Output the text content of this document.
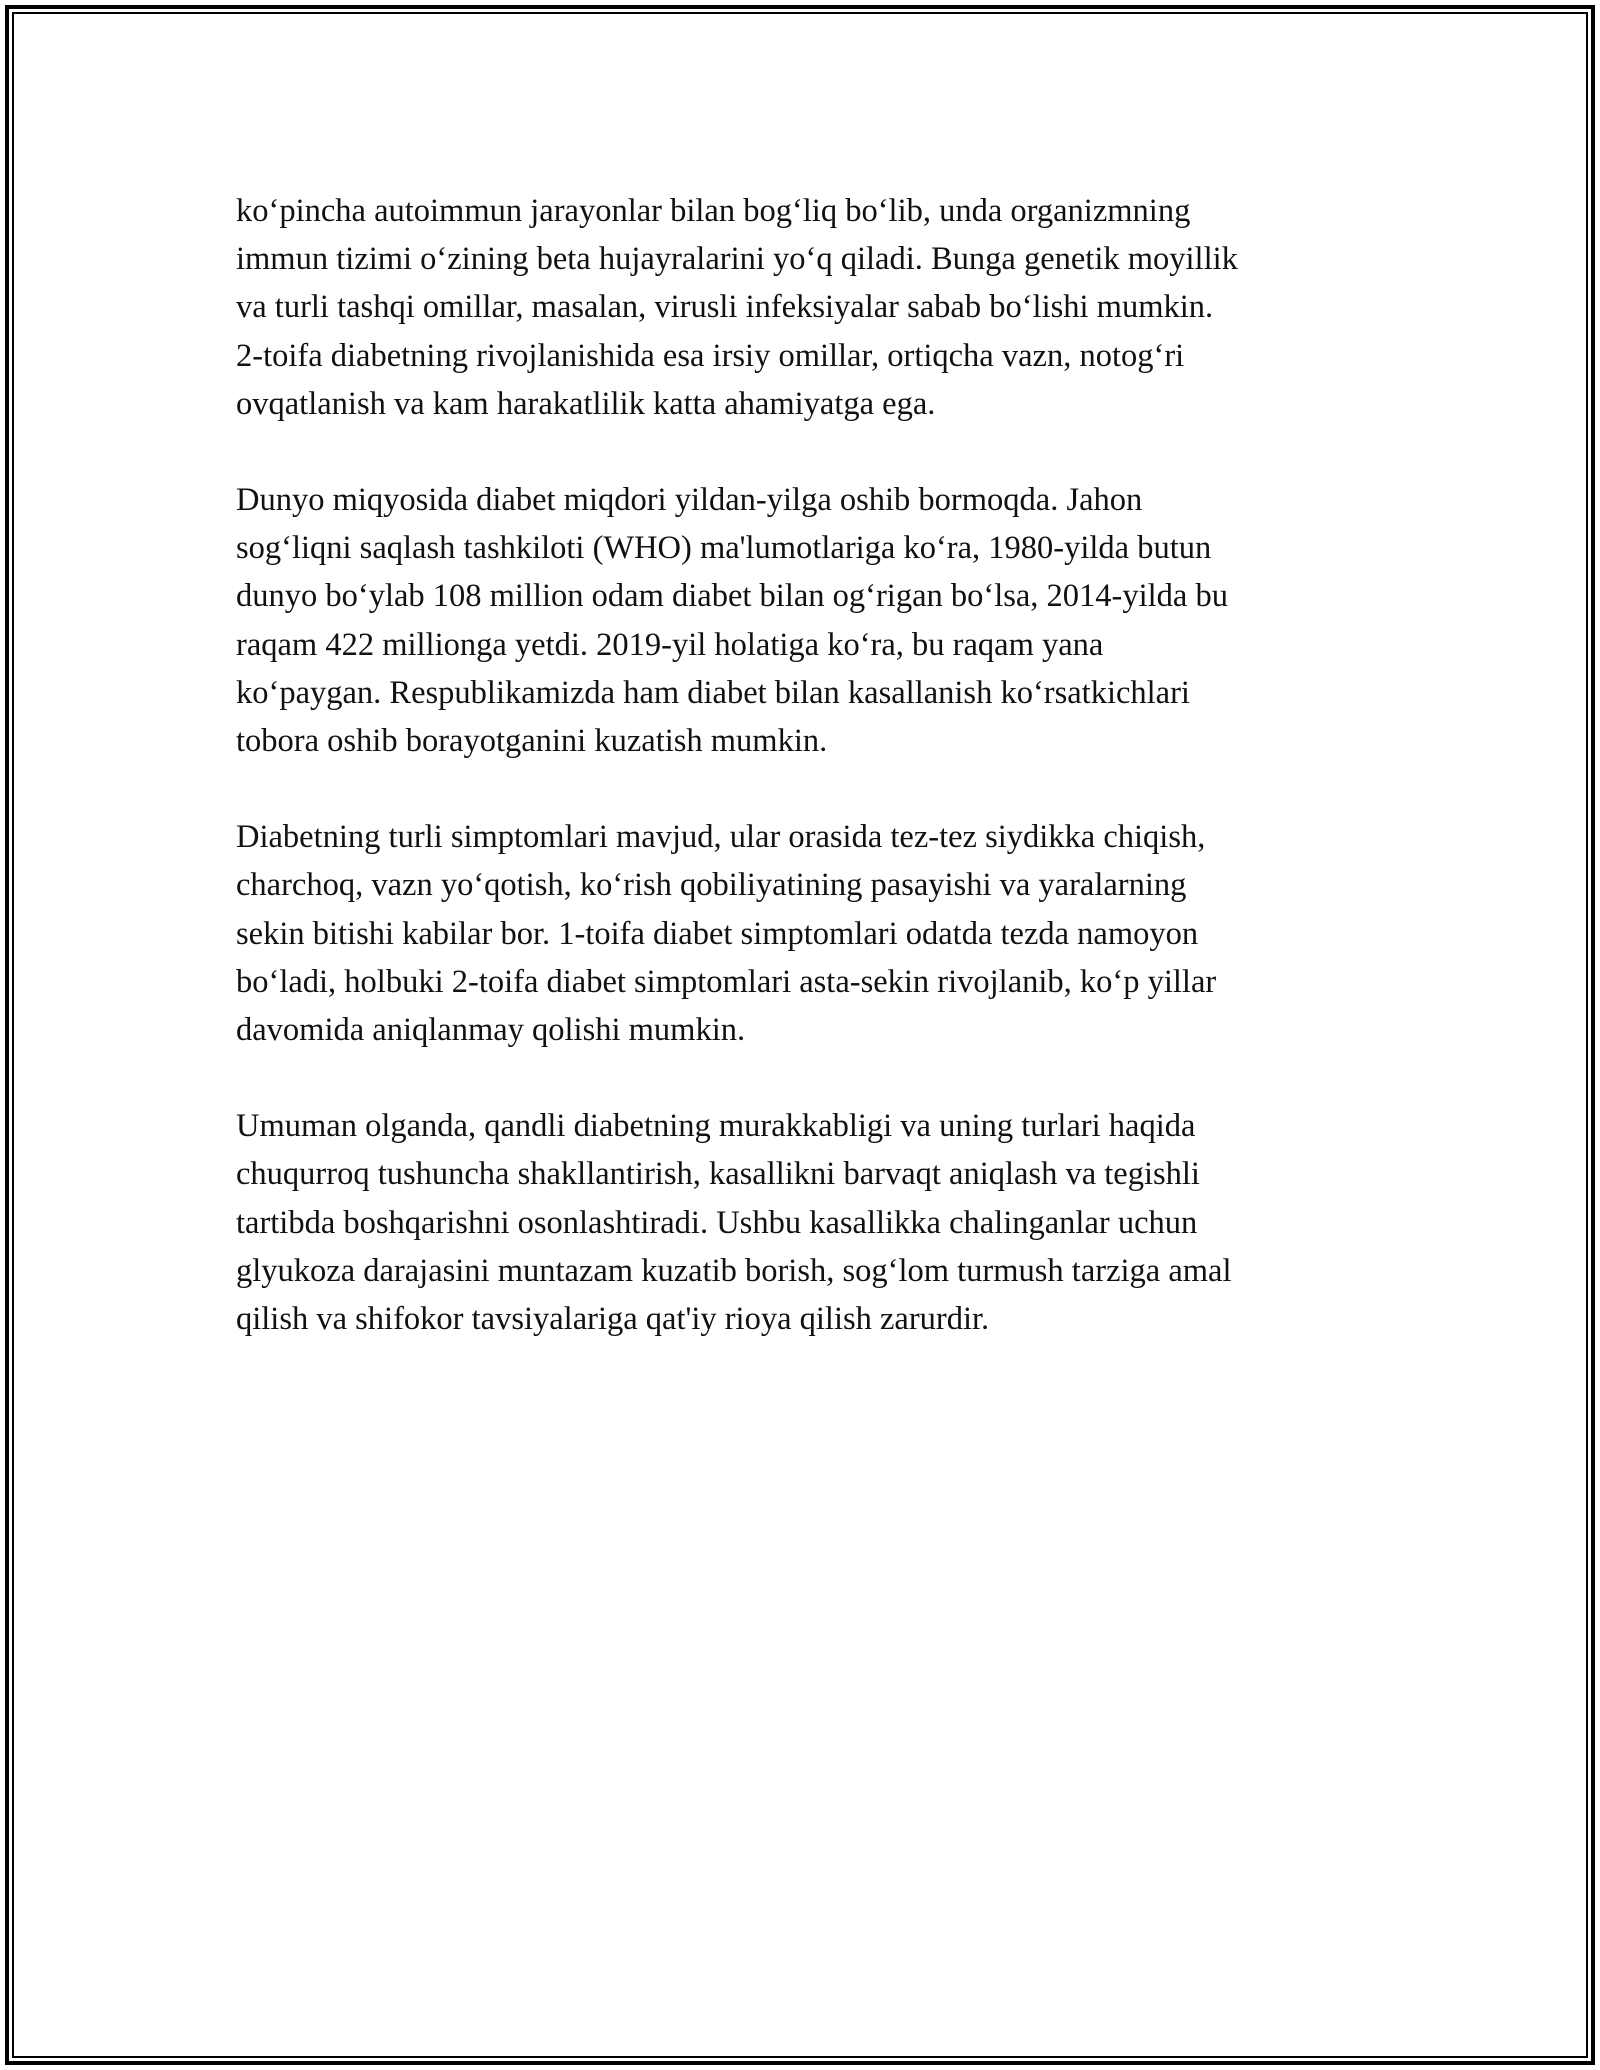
ko‘pincha autoimmun jarayonlar bilan bog‘liq bo‘lib, unda organizmning
immun tizimi o‘zining beta hujayralarini yo‘q qiladi. Bunga genetik moyillik
va turli tashqi omillar, masalan, virusli infeksiyalar sabab bo‘lishi mumkin.
2-toifa diabetning rivojlanishida esa irsiy omillar, ortiqcha vazn, notog‘ri
ovqatlanish va kam harakatlilik katta ahamiyatga ega.

Dunyo miqyosida diabet miqdori yildan-yilga oshib bormoqda. Jahon
sog‘liqni saqlash tashkiloti (WHO) ma'lumotlariga ko‘ra, 1980-yilda butun
dunyo bo‘ylab 108 million odam diabet bilan og‘rigan bo‘lsa, 2014-yilda bu
raqam 422 millionga yetdi. 2019-yil holatiga ko‘ra, bu raqam yana
ko‘paygan. Respublikamizda ham diabet bilan kasallanish ko‘rsatkichlari
tobora oshib borayotganini kuzatish mumkin.

Diabetning turli simptomlari mavjud, ular orasida tez-tez siydikka chiqish,
charchoq, vazn yo‘qotish, ko‘rish qobiliyatining pasayishi va yaralarning
sekin bitishi kabilar bor. 1-toifa diabet simptomlari odatda tezda namoyon
bo‘ladi, holbuki 2-toifa diabet simptomlari asta-sekin rivojlanib, ko‘p yillar
davomida aniqlanmay qolishi mumkin.

Umuman olganda, qandli diabetning murakkabligi va uning turlari haqida
chuqurroq tushuncha shakllantirish, kasallikni barvaqt aniqlash va tegishli
tartibda boshqarishni osonlashtiradi. Ushbu kasallikka chalinganlar uchun
glyukoza darajasini muntazam kuzatib borish, sog‘lom turmush tarziga amal
qilish va shifokor tavsiyalariga qat'iy rioya qilish zarurdir.
